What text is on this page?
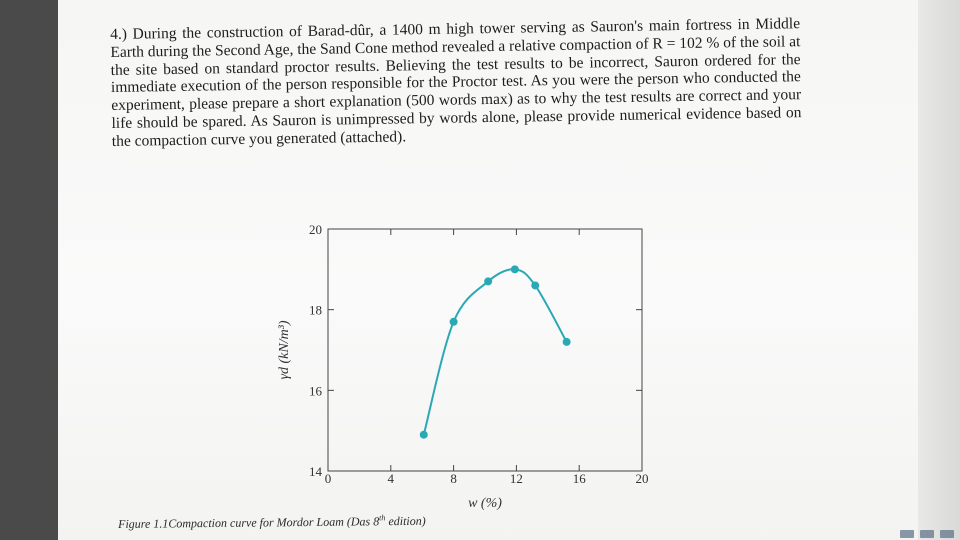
4.) During the construction of Barad-dûr, a 1400 m high tower serving as Sauron's main fortress in Middle Earth during the Second Age, the Sand Cone method revealed a relative compaction of R = 102 % of the soil at the site based on standard proctor results. Believing the test results to be incorrect, Sauron ordered for the immediate execution of the person responsible for the Proctor test. As you were the person who conducted the experiment, please prepare a short explanation (500 words max) as to why the test results are correct and your life should be spared. As Sauron is unimpressed by words alone, please provide numerical evidence based on the compaction curve you generated (attached).

0	4	8	12	16	20
14
16
18
20
w (%)
γd (kN/m³)
Figure 1.1Compaction curve for Mordor Loam (Das 8th edition)
